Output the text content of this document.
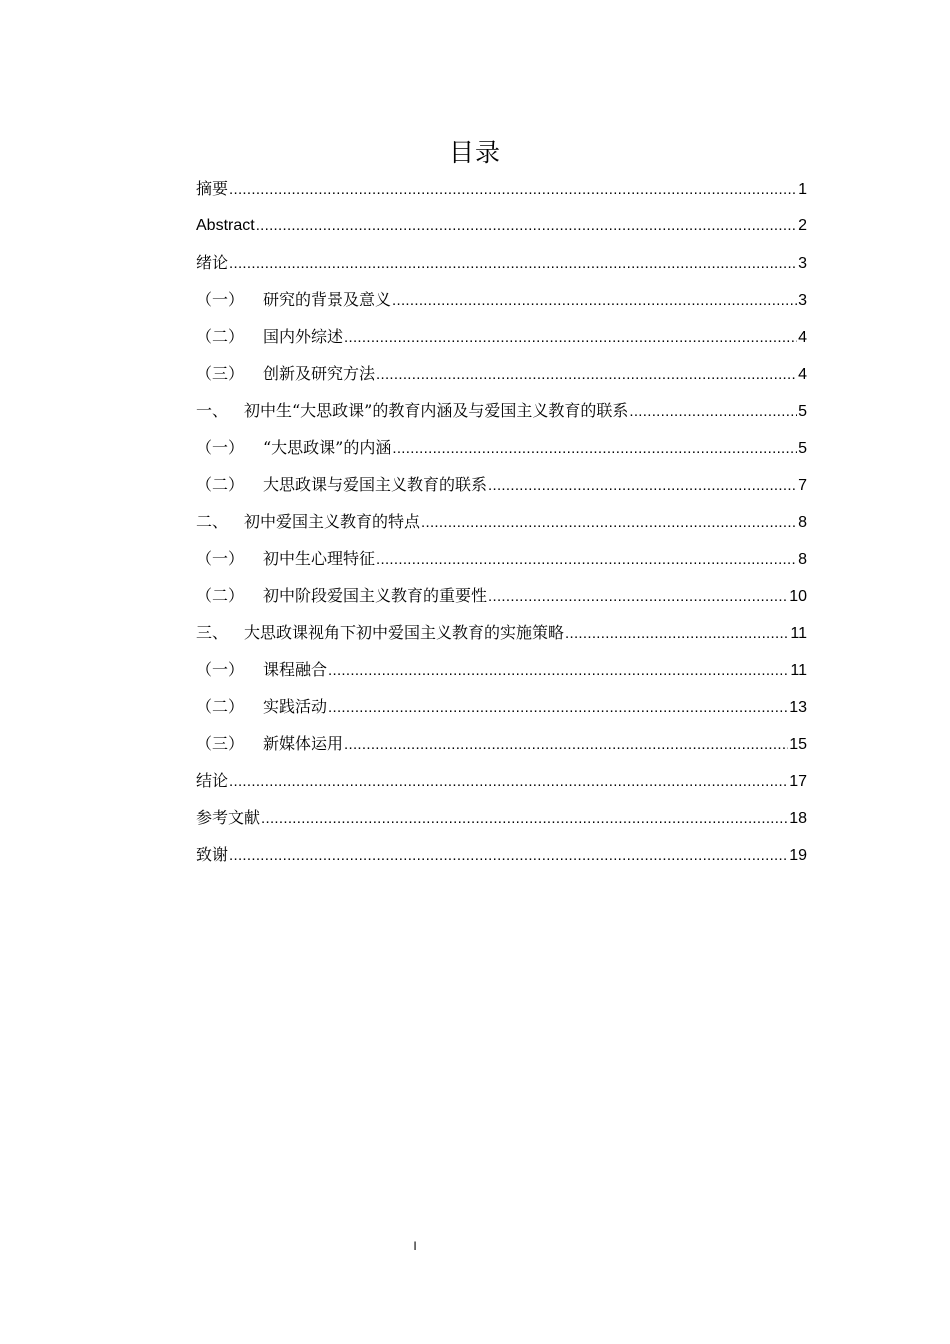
目录
摘要 .....	1
Abstract .....	2
绪论 .....	3
（一）	研究的背景及意义 .....	3
（二）	国内外综述 .....	4
（三）	创新及研究方法 .....	4
一、 初中生“大思政课”的教育内涵及与爱国主义教育的联系 .....	5
（一）	“大思政课”的内涵 .....	5
（二）	大思政课与爱国主义教育的联系 .....	7
二、 初中爱国主义教育的特点 .....	8
（一）	初中生心理特征 .....	8
（二）	初中阶段爱国主义教育的重要性 .....	10
三、 大思政课视角下初中爱国主义教育的实施策略 .....	11
（一）	课程融合 .....	11
（二）	实践活动 .....	13
（三）	新媒体运用 .....	15
结论 .....	17
参考文献 .....	18
致谢 .....	19
I
